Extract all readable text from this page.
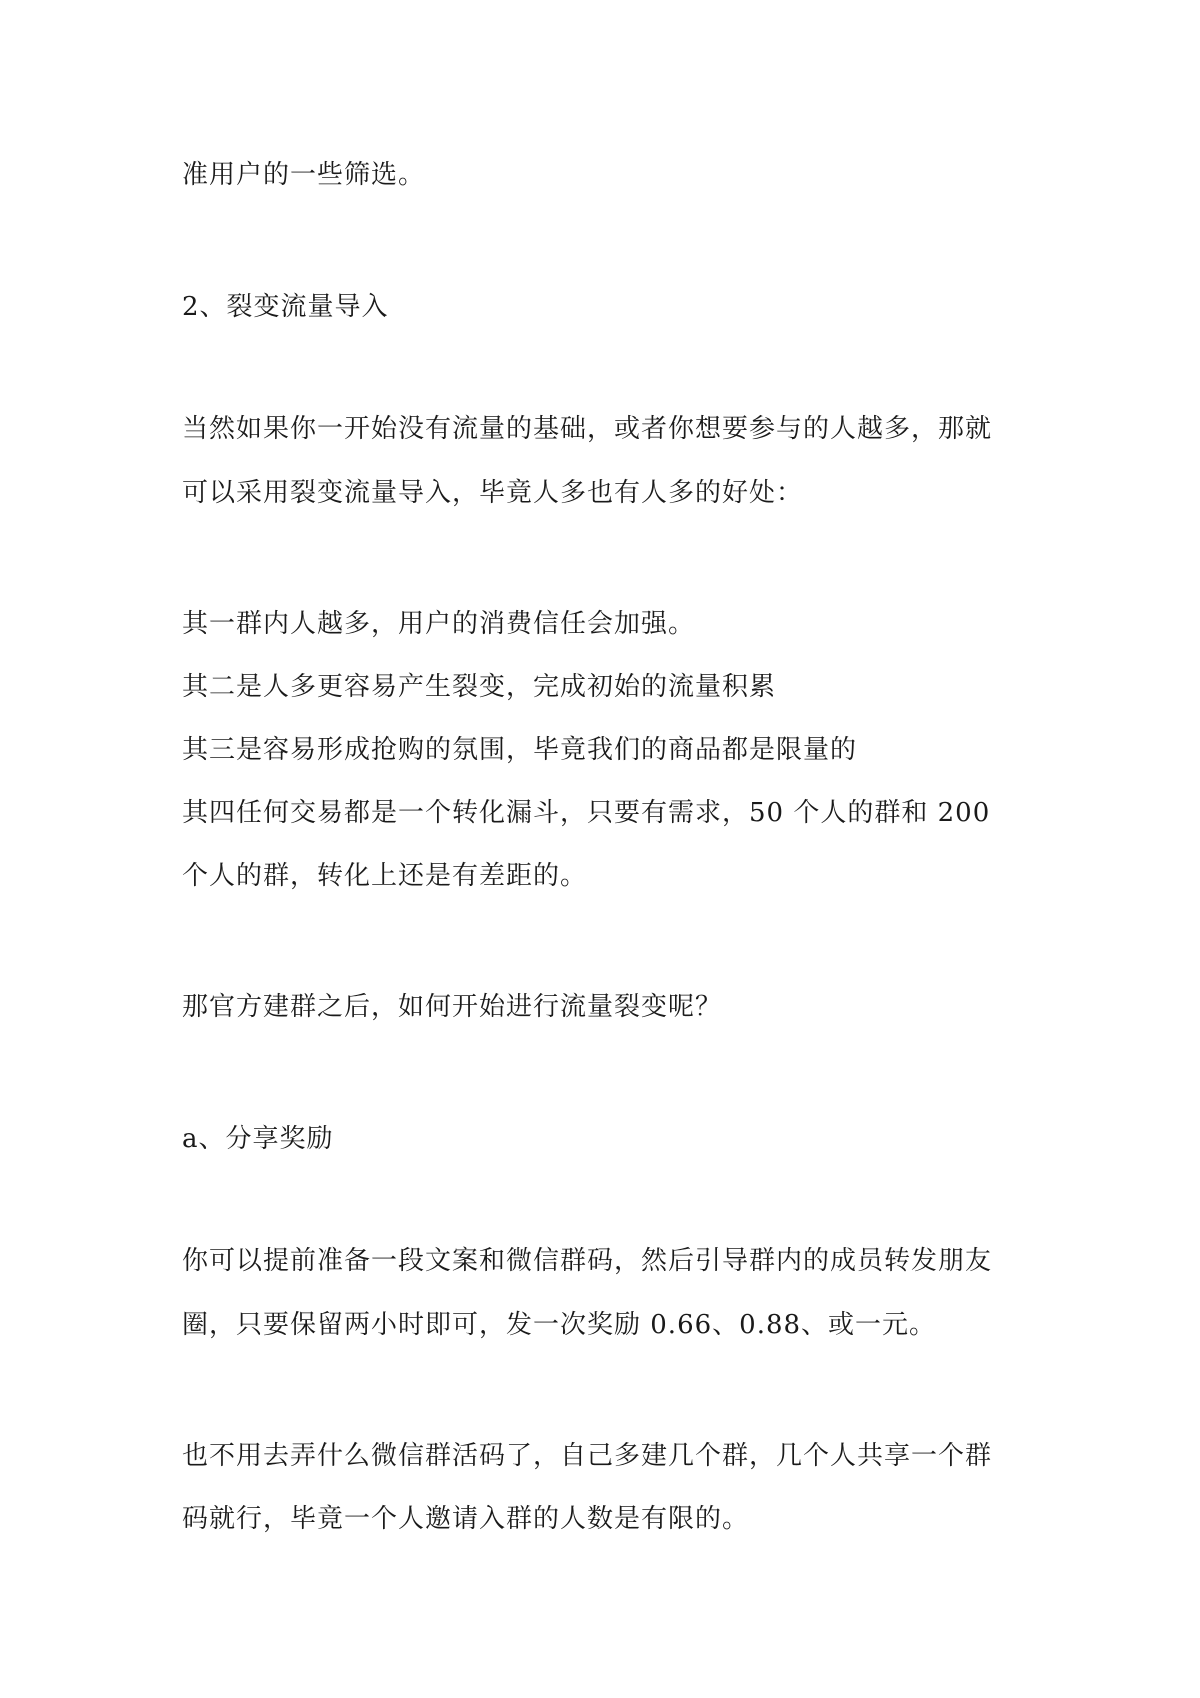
准用户的一些筛选。
2、裂变流量导入
当然如果你一开始没有流量的基础，或者你想要参与的人越多，那就
可以采用裂变流量导入，毕竟人多也有人多的好处：
其一群内人越多，用户的消费信任会加强。
其二是人多更容易产生裂变，完成初始的流量积累
其三是容易形成抢购的氛围，毕竟我们的商品都是限量的
其四任何交易都是一个转化漏斗，只要有需求，50 个人的群和 200
个人的群，转化上还是有差距的。
那官方建群之后，如何开始进行流量裂变呢？
a、分享奖励
你可以提前准备一段文案和微信群码，然后引导群内的成员转发朋友
圈，只要保留两小时即可，发一次奖励 0.66、0.88、或一元。
也不用去弄什么微信群活码了，自己多建几个群，几个人共享一个群
码就行，毕竟一个人邀请入群的人数是有限的。
